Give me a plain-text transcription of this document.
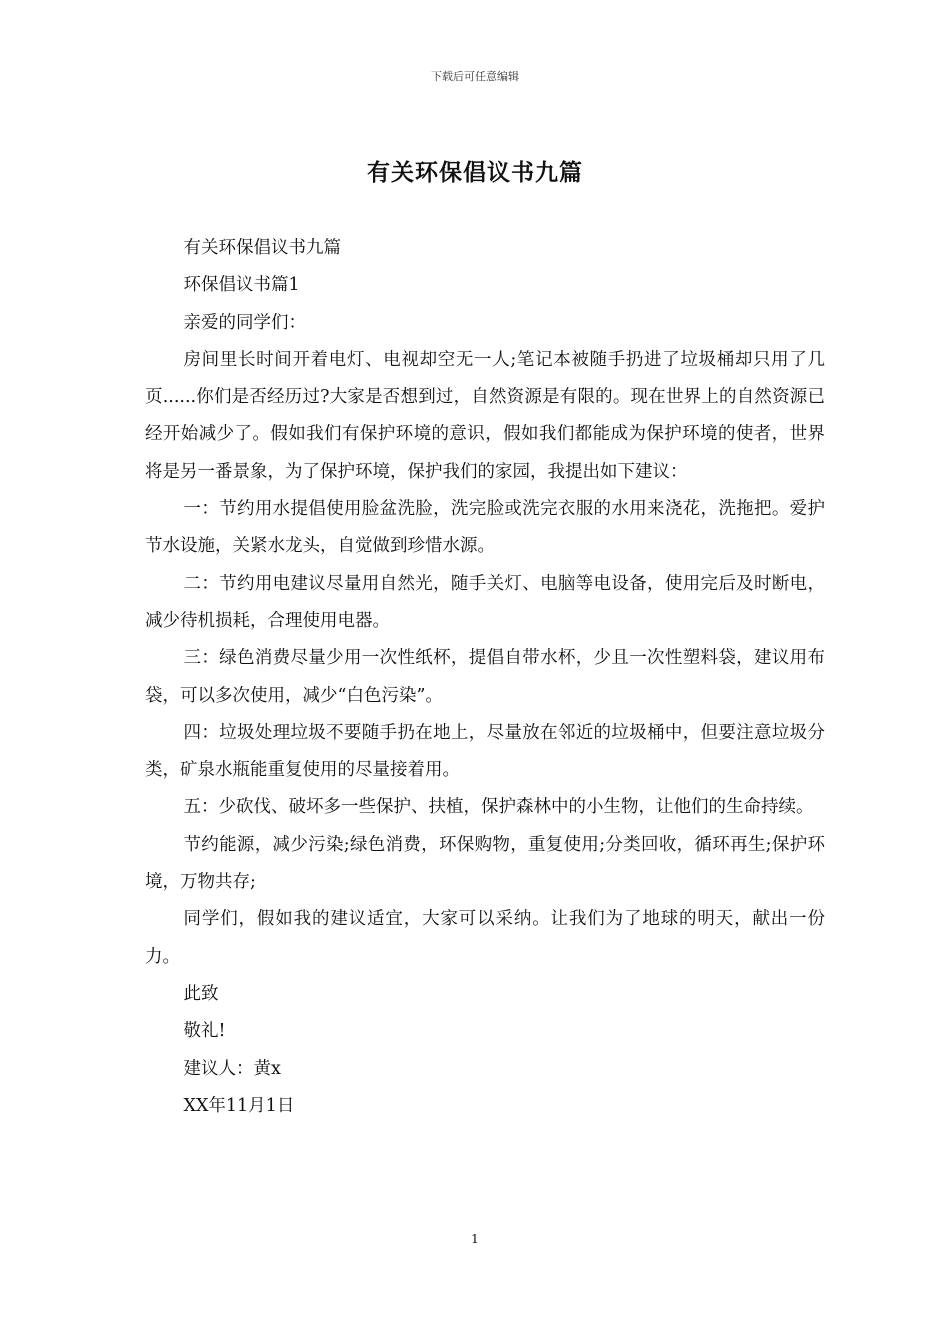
下载后可任意编辑
有关环保倡议书九篇

有关环保倡议书九篇

环保倡议书篇1

亲爱的同学们：

房间里长时间开着电灯、电视却空无一人;笔记本被随手扔进了垃圾桶却只用了几页......你们是否经历过?大家是否想到过，自然资源是有限的。现在世界上的自然资源已经开始减少了。假如我们有保护环境的意识，假如我们都能成为保护环境的使者，世界将是另一番景象，为了保护环境，保护我们的家园，我提出如下建议：

一：节约用水提倡使用脸盆洗脸，洗完脸或洗完衣服的水用来浇花，洗拖把。爱护节水设施，关紧水龙头，自觉做到珍惜水源。

二：节约用电建议尽量用自然光，随手关灯、电脑等电设备，使用完后及时断电，减少待机损耗，合理使用电器。

三：绿色消费尽量少用一次性纸杯，提倡自带水杯，少且一次性塑料袋，建议用布袋，可以多次使用，减少“白色污染”。

四：垃圾处理垃圾不要随手扔在地上，尽量放在邻近的垃圾桶中，但要注意垃圾分类，矿泉水瓶能重复使用的尽量接着用。

五：少砍伐、破坏多一些保护、扶植，保护森林中的小生物，让他们的生命持续。

节约能源，减少污染;绿色消费，环保购物，重复使用;分类回收，循环再生;保护环境，万物共存;

同学们，假如我的建议适宜，大家可以采纳。让我们为了地球的明天，献出一份力。

此致

敬礼!

建议人：黄x

XX年11月1日

1
